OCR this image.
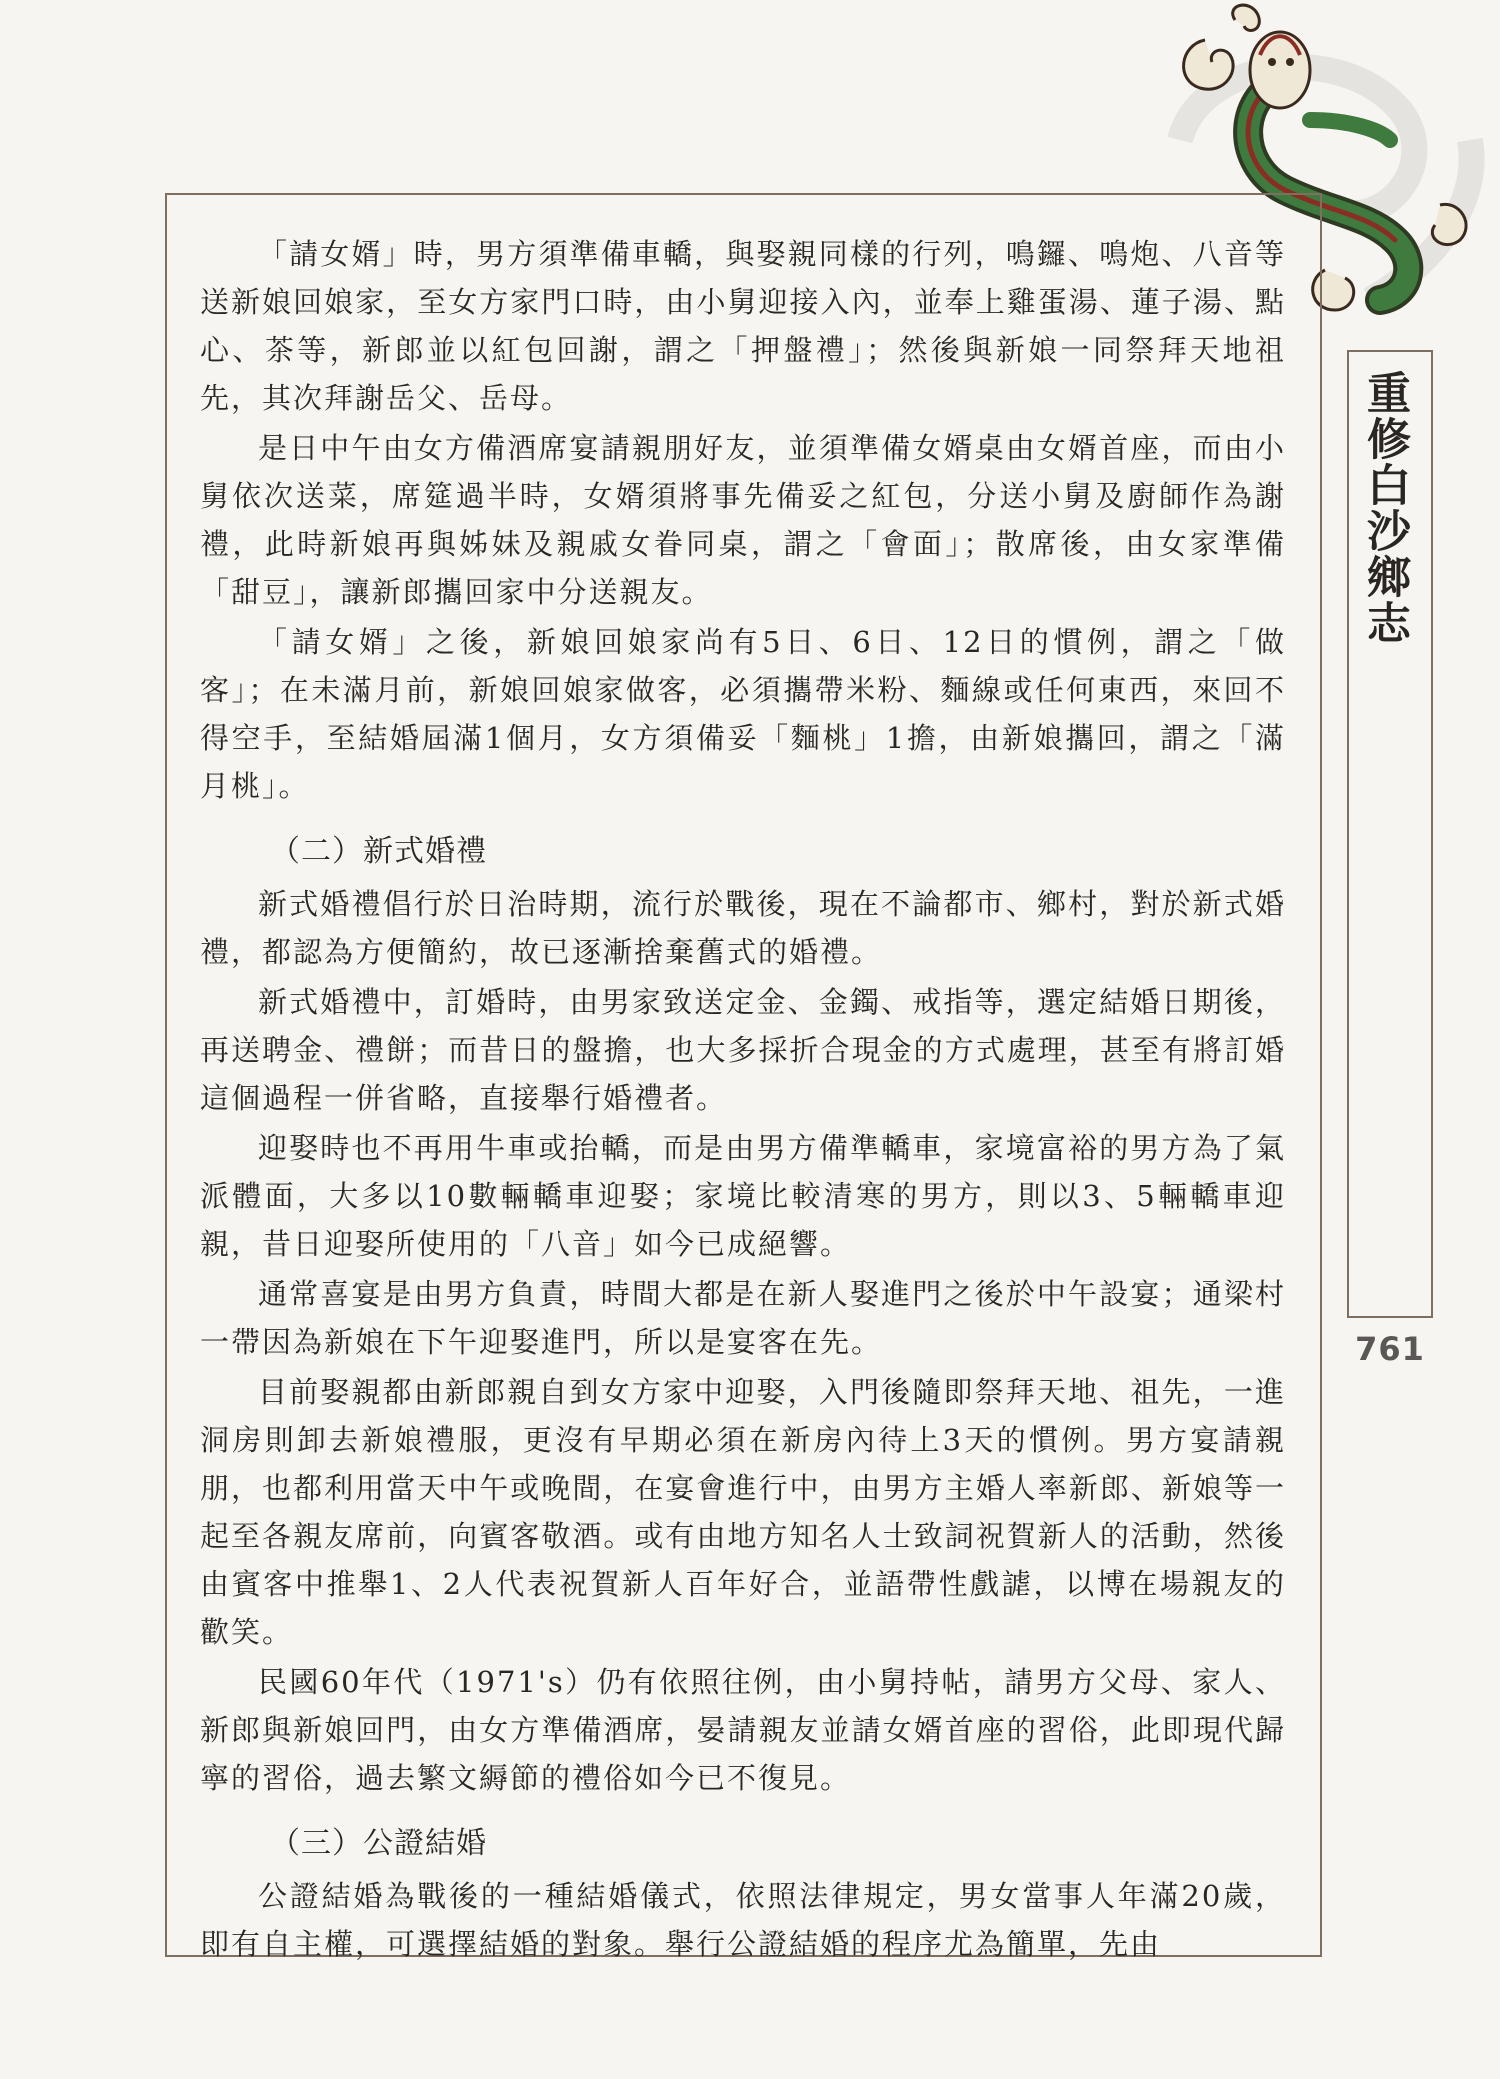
「請女婿」時，男方須準備車轎，與娶親同樣的行列，鳴鑼、鳴炮、八音等送新娘回娘家，至女方家門口時，由小舅迎接入內，並奉上雞蛋湯、蓮子湯、點心、茶等，新郎並以紅包回謝，謂之「押盤禮」；然後與新娘一同祭拜天地祖先，其次拜謝岳父、岳母。

是日中午由女方備酒席宴請親朋好友，並須準備女婿桌由女婿首座，而由小舅依次送菜，席筵過半時，女婿須將事先備妥之紅包，分送小舅及廚師作為謝禮，此時新娘再與姊妹及親戚女眷同桌，謂之「會面」；散席後，由女家準備「甜豆」，讓新郎攜回家中分送親友。

「請女婿」之後，新娘回娘家尚有5日、6日、12日的慣例，謂之「做客」；在未滿月前，新娘回娘家做客，必須攜帶米粉、麵線或任何東西，來回不得空手，至結婚屆滿1個月，女方須備妥「麵桃」1擔，由新娘攜回，謂之「滿月桃」。

（二）新式婚禮

新式婚禮倡行於日治時期，流行於戰後，現在不論都市、鄉村，對於新式婚禮，都認為方便簡約，故已逐漸捨棄舊式的婚禮。

新式婚禮中，訂婚時，由男家致送定金、金鐲、戒指等，選定結婚日期後，再送聘金、禮餅；而昔日的盤擔，也大多採折合現金的方式處理，甚至有將訂婚這個過程一併省略，直接舉行婚禮者。

迎娶時也不再用牛車或抬轎，而是由男方備準轎車，家境富裕的男方為了氣派體面，大多以10數輛轎車迎娶；家境比較清寒的男方，則以3、5輛轎車迎親，昔日迎娶所使用的「八音」如今已成絕響。

通常喜宴是由男方負責，時間大都是在新人娶進門之後於中午設宴；通梁村一帶因為新娘在下午迎娶進門，所以是宴客在先。

目前娶親都由新郎親自到女方家中迎娶，入門後隨即祭拜天地、祖先，一進洞房則卸去新娘禮服，更沒有早期必須在新房內待上3天的慣例。男方宴請親朋，也都利用當天中午或晚間，在宴會進行中，由男方主婚人率新郎、新娘等一起至各親友席前，向賓客敬酒。或有由地方知名人士致詞祝賀新人的活動，然後由賓客中推舉1、2人代表祝賀新人百年好合，並語帶性戲謔，以博在場親友的歡笑。

民國60年代（1971's）仍有依照往例，由小舅持帖，請男方父母、家人、新郎與新娘回門，由女方準備酒席，晏請親友並請女婿首座的習俗，此即現代歸寧的習俗，過去繁文縟節的禮俗如今已不復見。

（三）公證結婚

公證結婚為戰後的一種結婚儀式，依照法律規定，男女當事人年滿20歲，即有自主權，可選擇結婚的對象。舉行公證結婚的程序尤為簡單，先由

重修白沙鄉志
761
